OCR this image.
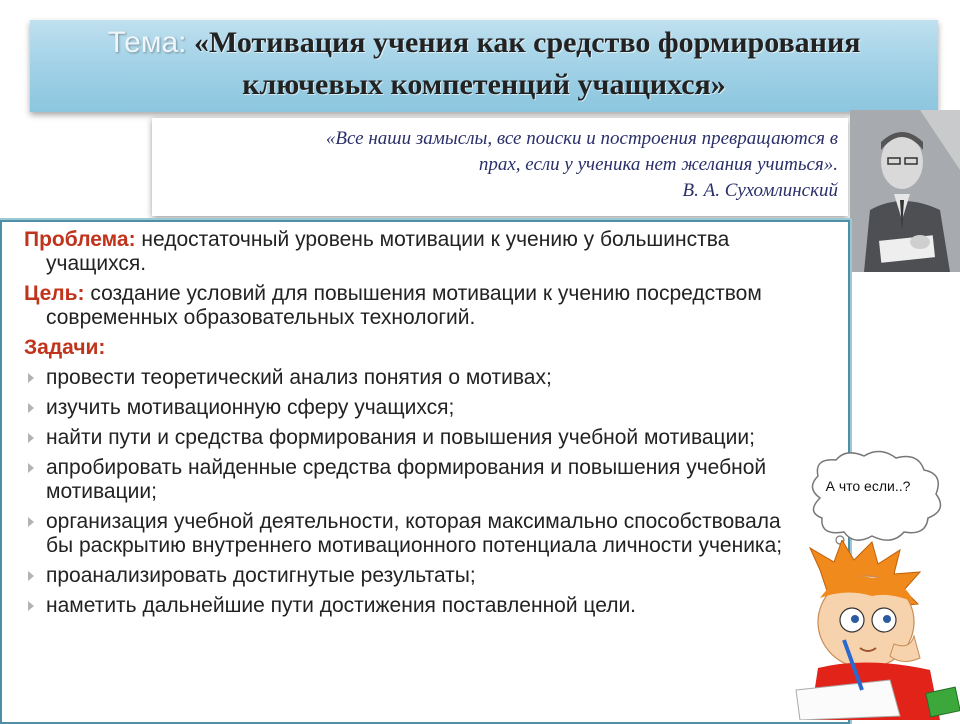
Тема: «Мотивация учения как средство формирования
ключевых компетенций учащихся»
«Все наши замыслы, все поиски и построения превращаются в
прах, если у ученика нет желания учиться».
В. А. Сухомлинский
Проблема: недостаточный уровень мотивации к учению у большинства учащихся.
Цель: создание условий для повышения мотивации к учению посредством современных образовательных технологий.
Задачи:
провести теоретический анализ понятия о мотивах;
изучить мотивационную сферу учащихся;
найти пути и средства формирования и повышения учебной мотивации;
апробировать найденные средства формирования и повышения учебной мотивации;
организация учебной деятельности, которая максимально способствовала бы раскрытию внутреннего мотивационного потенциала личности ученика;
проанализировать достигнутые результаты;
наметить дальнейшие пути достижения поставленной цели.
А что если..?
